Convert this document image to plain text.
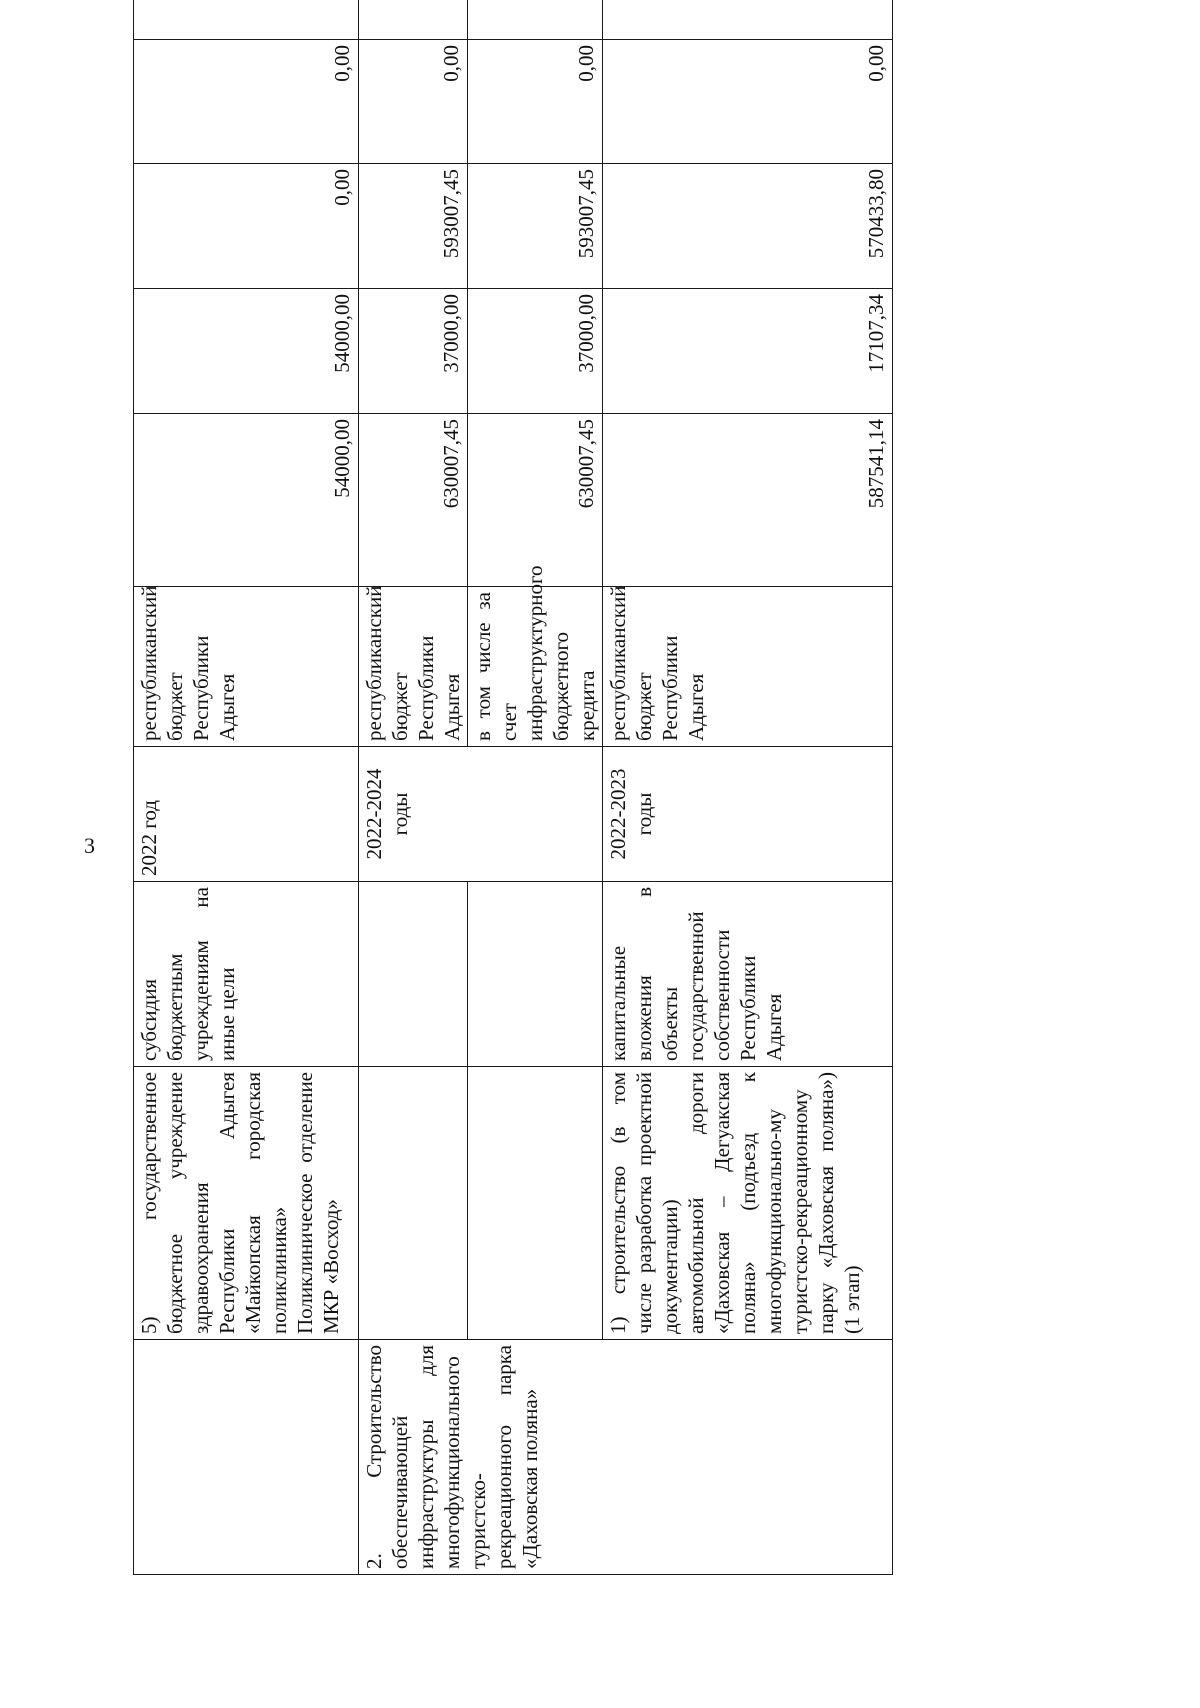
3
	5) государственное бюджетное учреждение здравоохранения Республики Адыгея «Майкопская городская поликлиника» Поликлиническое отделение МКР «Восход»	субсидия бюджетным учреждениям на иные цели	2022 год	республиканский бюджет Республики Адыгея	54000,00	54000,00	0,00	0,00	
2. Строительство обеспечивающей инфраструктуры для многофункционального туристско-рекреационного парка «Даховская поляна»			2022-2024 годы	республиканский бюджет Республики Адыгея	630007,45	37000,00	593007,45	0,00	
				в том числе за счет инфраструктурного бюджетного кредита	630007,45	37000,00	593007,45	0,00	
	1) строительство (в том числе разработка проектной документации) автомобильной дороги «Даховская – Дегуакская поляна» (подъезд к многофункционально-му туристско-рекреационному парку «Даховская поляна») (1 этап)	капитальные вложения в объекты государственной собственности Республики Адыгея	2022-2023 годы	республиканский бюджет Республики Адыгея	587541,14	17107,34	570433,80	0,00	
